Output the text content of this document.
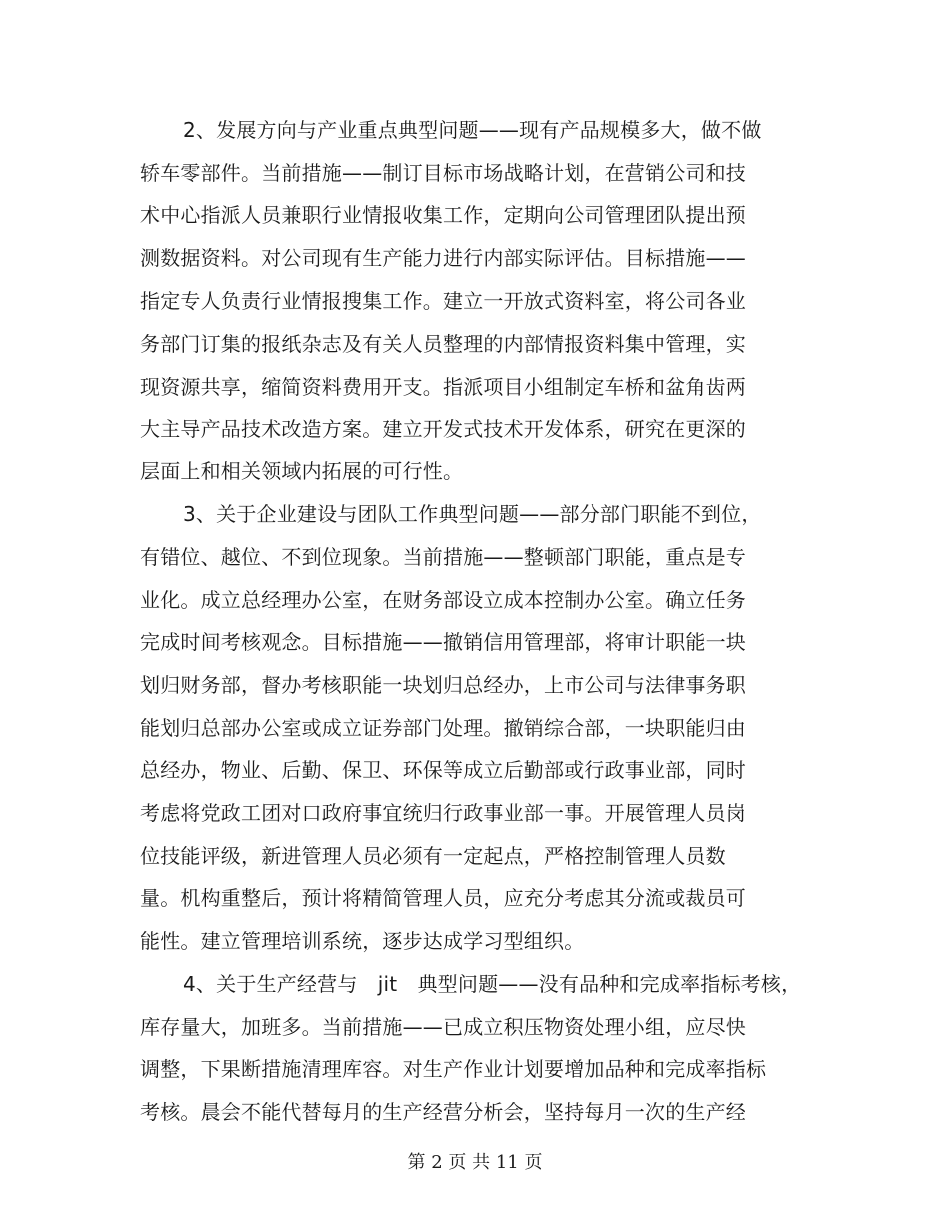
2、发展方向与产业重点典型问题——现有产品规模多大，做不做
轿车零部件。当前措施——制订目标市场战略计划，在营销公司和技
术中心指派人员兼职行业情报收集工作，定期向公司管理团队提出预
测数据资料。对公司现有生产能力进行内部实际评估。目标措施——
指定专人负责行业情报搜集工作。建立一开放式资料室，将公司各业
务部门订集的报纸杂志及有关人员整理的内部情报资料集中管理，实
现资源共享，缩简资料费用开支。指派项目小组制定车桥和盆角齿两
大主导产品技术改造方案。建立开发式技术开发体系，研究在更深的
层面上和相关领域内拓展的可行性。
3、关于企业建设与团队工作典型问题——部分部门职能不到位，
有错位、越位、不到位现象。当前措施——整顿部门职能，重点是专
业化。成立总经理办公室，在财务部设立成本控制办公室。确立任务
完成时间考核观念。目标措施——撤销信用管理部，将审计职能一块
划归财务部，督办考核职能一块划归总经办，上市公司与法律事务职
能划归总部办公室或成立证券部门处理。撤销综合部，一块职能归由
总经办，物业、后勤、保卫、环保等成立后勤部或行政事业部，同时
考虑将党政工团对口政府事宜统归行政事业部一事。开展管理人员岗
位技能评级，新进管理人员必须有一定起点，严格控制管理人员数
量。机构重整后，预计将精简管理人员，应充分考虑其分流或裁员可
能性。建立管理培训系统，逐步达成学习型组织。
4、关于生产经营与　jit　典型问题——没有品种和完成率指标考核，
库存量大，加班多。当前措施——已成立积压物资处理小组，应尽快
调整，下果断措施清理库容。对生产作业计划要增加品种和完成率指标
考核。晨会不能代替每月的生产经营分析会，坚持每月一次的生产经
第 2 页 共 11 页
